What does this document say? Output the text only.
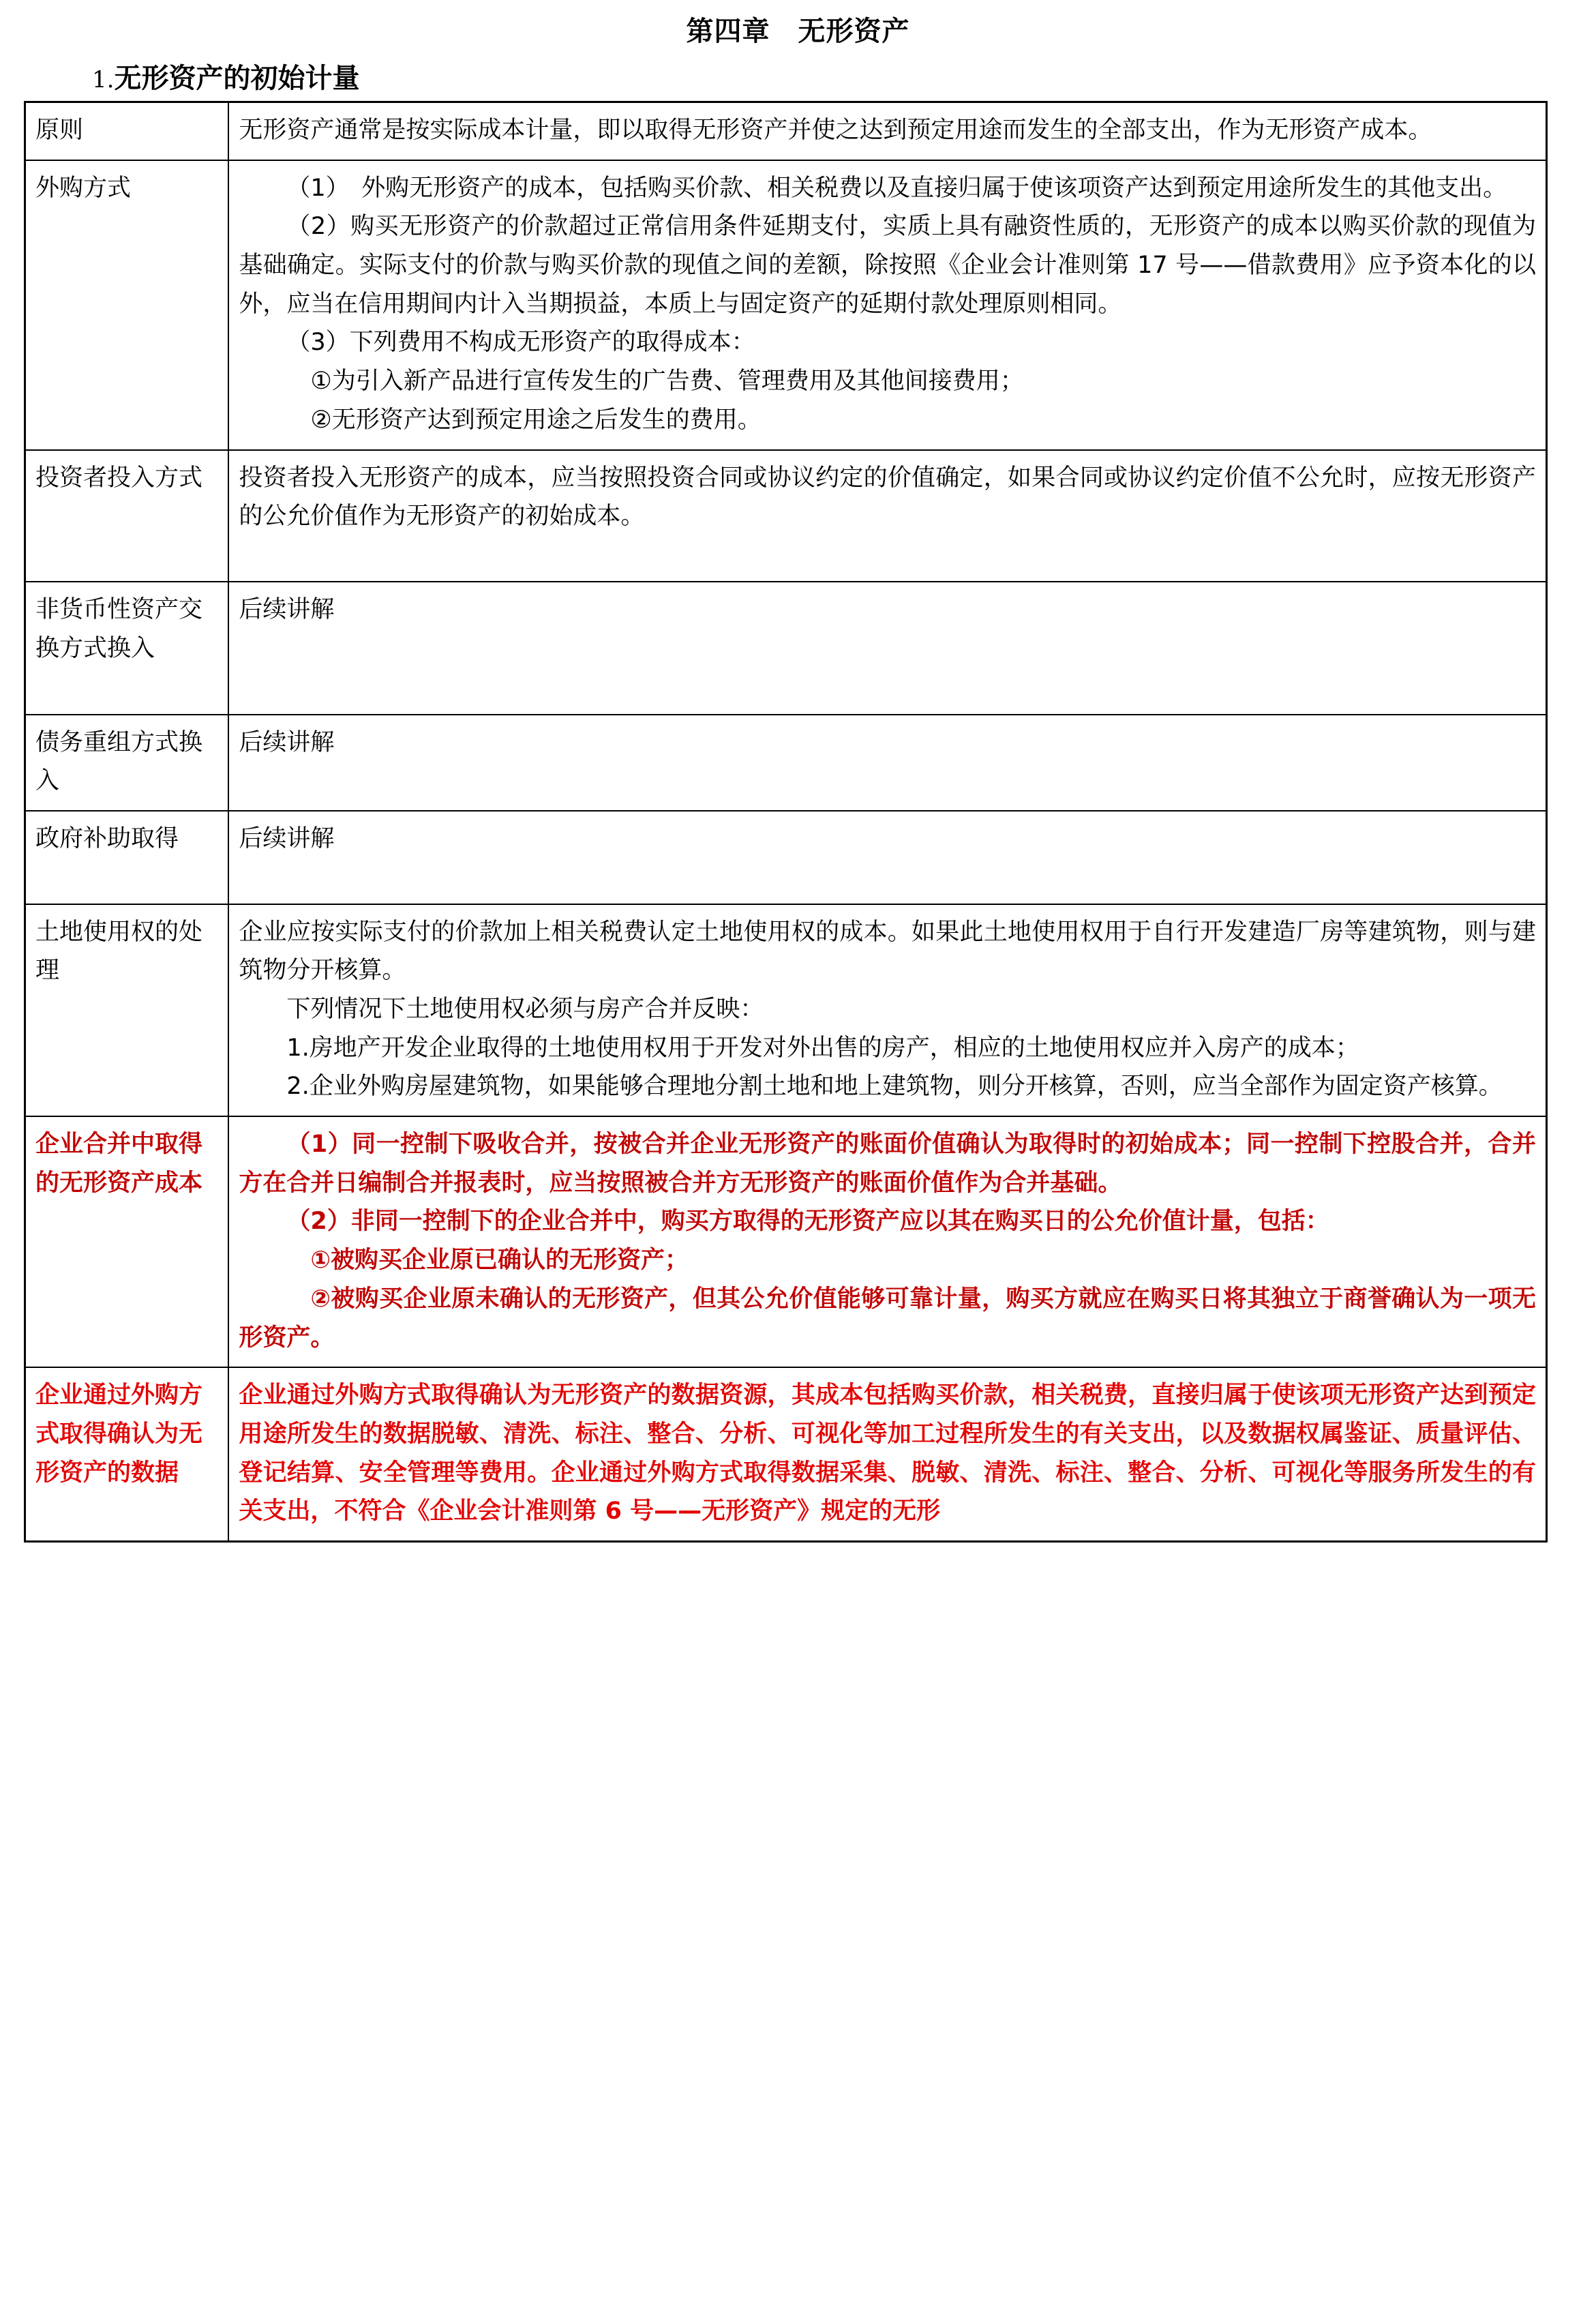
第四章　无形资产
1.无形资产的初始计量
原则	无形资产通常是按实际成本计量，即以取得无形资产并使之达到预定用途而发生的全部支出，作为无形资产成本。

外购方式	（1）　外购无形资产的成本，包括购买价款、相关税费以及直接归属于使该项资产达到预定用途所发生的其他支出。

（2）购买无形资产的价款超过正常信用条件延期支付，实质上具有融资性质的，无形资产的成本以购买价款的现值为基础确定。实际支付的价款与购买价款的现值之间的差额，除按照《企业会计准则第 17 号——借款费用》应予资本化的以外，应当在信用期间内计入当期损益，本质上与固定资产的延期付款处理原则相同。

（3）下列费用不构成无形资产的取得成本：

①为引入新产品进行宣传发生的广告费、管理费用及其他间接费用；

②无形资产达到预定用途之后发生的费用。

投资者投入方式	投资者投入无形资产的成本，应当按照投资合同或协议约定的价值确定，如果合同或协议约定价值不公允时，应按无形资产的公允价值作为无形资产的初始成本。

非货币性资产交换方式换入	后续讲解

债务重组方式换入	后续讲解

政府补助取得	后续讲解

土地使用权的处理	企业应按实际支付的价款加上相关税费认定土地使用权的成本。如果此土地使用权用于自行开发建造厂房等建筑物，则与建筑物分开核算。

下列情况下土地使用权必须与房产合并反映：

1.房地产开发企业取得的土地使用权用于开发对外出售的房产，相应的土地使用权应并入房产的成本；

2.企业外购房屋建筑物，如果能够合理地分割土地和地上建筑物，则分开核算，否则，应当全部作为固定资产核算。

企业合并中取得的无形资产成本	（1）同一控制下吸收合并，按被合并企业无形资产的账面价值确认为取得时的初始成本；同一控制下控股合并，合并方在合并日编制合并报表时，应当按照被合并方无形资产的账面价值作为合并基础。

（2）非同一控制下的企业合并中，购买方取得的无形资产应以其在购买日的公允价值计量，包括：

①被购买企业原已确认的无形资产；

②被购买企业原未确认的无形资产，但其公允价值能够可靠计量，购买方就应在购买日将其独立于商誉确认为一项无形资产。

企业通过外购方式取得确认为无形资产的数据	企业通过外购方式取得确认为无形资产的数据资源，其成本包括购买价款，相关税费，直接归属于使该项无形资产达到预定用途所发生的数据脱敏、清洗、标注、整合、分析、可视化等加工过程所发生的有关支出，以及数据权属鉴证、质量评估、登记结算、安全管理等费用。企业通过外购方式取得数据采集、脱敏、清洗、标注、整合、分析、可视化等服务所发生的有关支出，不符合《企业会计准则第 6 号——无形资产》规定的无形
